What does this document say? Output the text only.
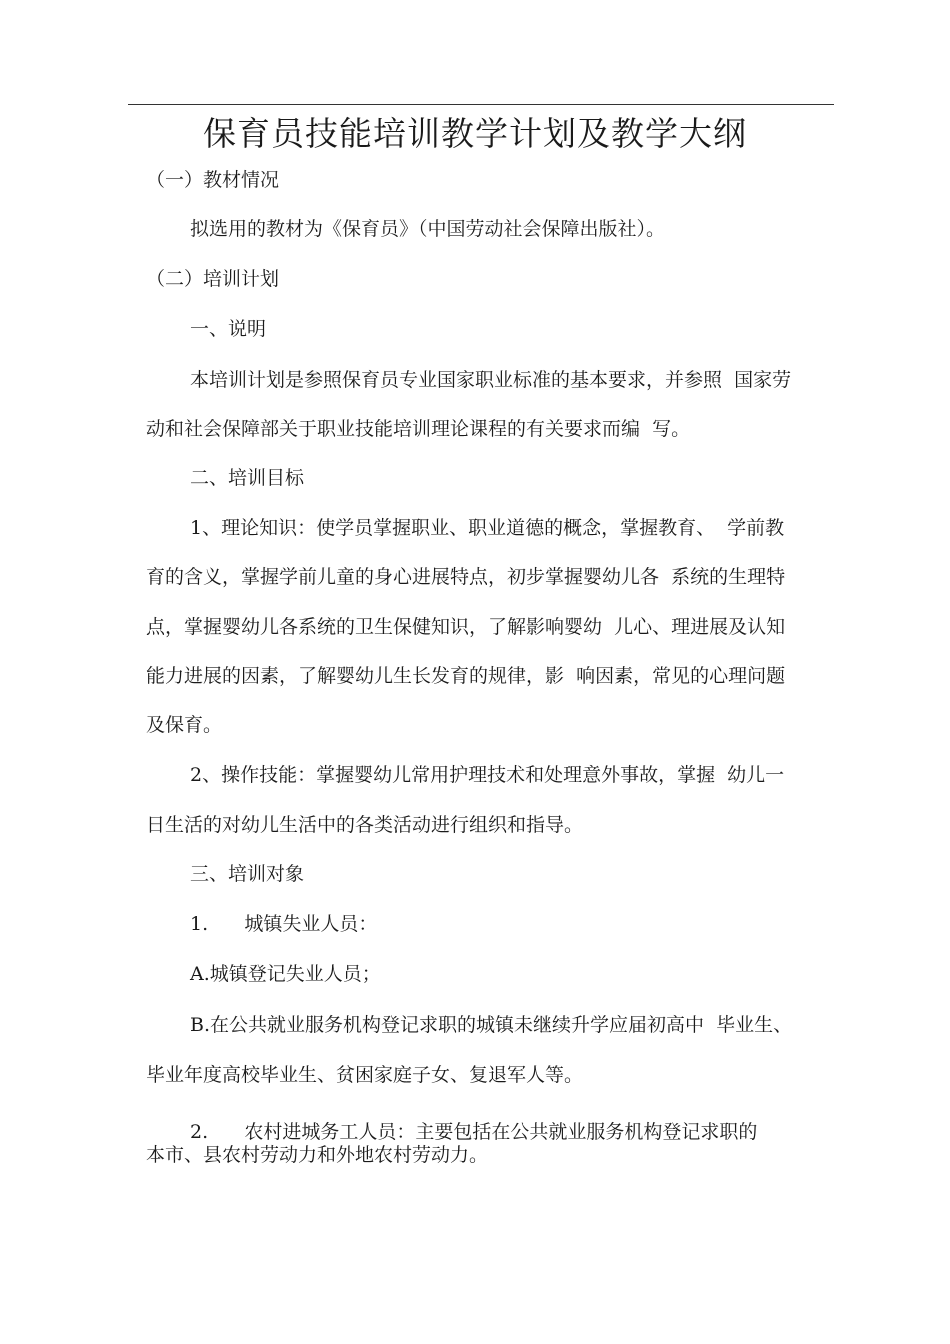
保育员技能培训教学计划及教学大纲
（一）教材情况
拟选用的教材为《保育员》（中国劳动社会保障出版社）。
（二）培训计划
一、说明
本培训计划是参照保育员专业国家职业标准的基本要求，并参照  国家劳
动和社会保障部关于职业技能培训理论课程的有关要求而编  写。
二、培训目标
1、理论知识：使学员掌握职业、职业道德的概念，掌握教育、  学前教
育的含义，掌握学前儿童的身心进展特点，初步掌握婴幼儿各  系统的生理特
点，掌握婴幼儿各系统的卫生保健知识，了解影响婴幼  儿心、理进展及认知
能力进展的因素，了解婴幼儿生长发育的规律，影  响因素，常见的心理问题
及保育。
2、操作技能：掌握婴幼儿常用护理技术和处理意外事故，掌握  幼儿一
日生活的对幼儿生活中的各类活动进行组织和指导。
三、培训对象
1.      城镇失业人员：
A.城镇登记失业人员；
B.在公共就业服务机构登记求职的城镇未继续升学应届初高中  毕业生、
毕业年度高校毕业生、贫困家庭子女、复退军人等。
2.      农村进城务工人员：主要包括在公共就业服务机构登记求职的
本市、县农村劳动力和外地农村劳动力。
